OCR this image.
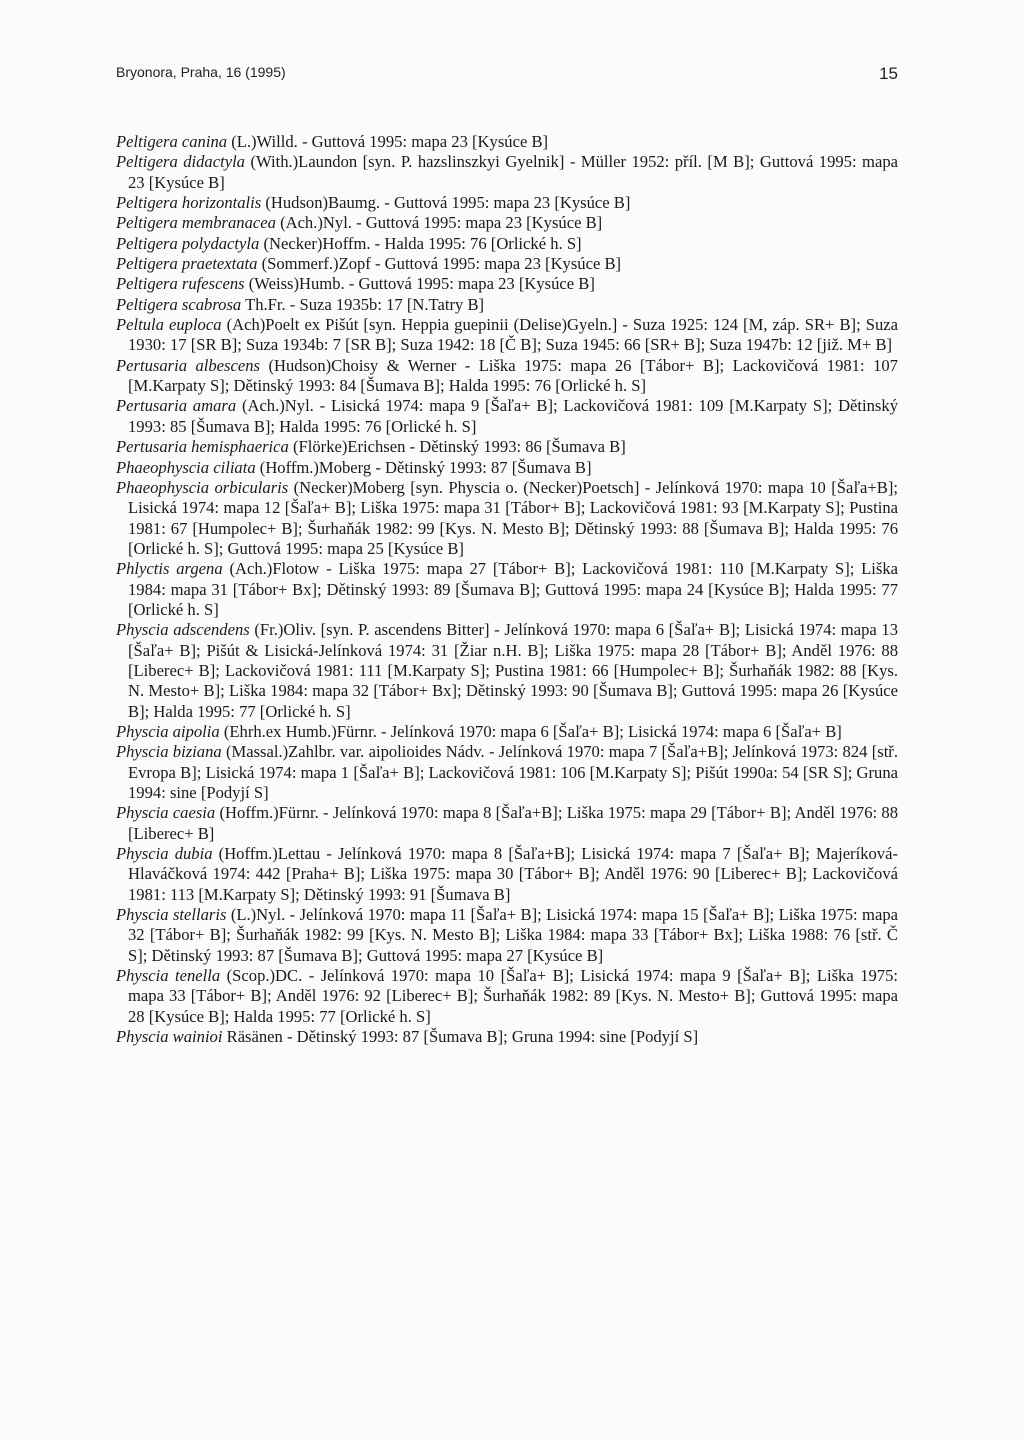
Bryonora, Praha, 16 (1995)	15

Peltigera canina (L.)Willd. - Guttová 1995: mapa 23 [Kysúce B]

Peltigera didactyla (With.)Laundon [syn. P. hazslinszkyi Gyelnik] - Müller 1952: příl. [M B]; Guttová 1995: mapa 23 [Kysúce B]

Peltigera horizontalis (Hudson)Baumg. - Guttová 1995: mapa 23 [Kysúce B]

Peltigera membranacea (Ach.)Nyl. - Guttová 1995: mapa 23 [Kysúce B]

Peltigera polydactyla (Necker)Hoffm. - Halda 1995: 76 [Orlické h. S]

Peltigera praetextata (Sommerf.)Zopf - Guttová 1995: mapa 23 [Kysúce B]

Peltigera rufescens (Weiss)Humb. - Guttová 1995: mapa 23 [Kysúce B]

Peltigera scabrosa Th.Fr. - Suza 1935b: 17 [N.Tatry B]

Peltula euploca (Ach)Poelt ex Pišút [syn. Heppia guepinii (Delise)Gyeln.] - Suza 1925: 124 [M, záp. SR+ B]; Suza 1930: 17 [SR B]; Suza 1934b: 7 [SR B]; Suza 1942: 18 [Č B]; Suza 1945: 66 [SR+ B]; Suza 1947b: 12 [již. M+ B]

Pertusaria albescens (Hudson)Choisy & Werner - Liška 1975: mapa 26 [Tábor+ B]; Lackovičová 1981: 107 [M.Karpaty S]; Dětinský 1993: 84 [Šumava B]; Halda 1995: 76 [Orlické h. S]

Pertusaria amara (Ach.)Nyl. - Lisická 1974: mapa 9 [Šaľa+ B]; Lackovičová 1981: 109 [M.Karpaty S]; Dětinský 1993: 85 [Šumava B]; Halda 1995: 76 [Orlické h. S]

Pertusaria hemisphaerica (Flörke)Erichsen - Dětinský 1993: 86 [Šumava B]

Phaeophyscia ciliata (Hoffm.)Moberg - Dětinský 1993: 87 [Šumava B]

Phaeophyscia orbicularis (Necker)Moberg [syn. Physcia o. (Necker)Poetsch] - Jelínková 1970: mapa 10 [Šaľa+B]; Lisická 1974: mapa 12 [Šaľa+ B]; Liška 1975: mapa 31 [Tábor+ B]; Lackovičová 1981: 93 [M.Karpaty S]; Pustina 1981: 67 [Humpolec+ B]; Šurhaňák 1982: 99 [Kys. N. Mesto B]; Dětinský 1993: 88 [Šumava B]; Halda 1995: 76 [Orlické h. S]; Guttová 1995: mapa 25 [Kysúce B]

Phlyctis argena (Ach.)Flotow - Liška 1975: mapa 27 [Tábor+ B]; Lackovičová 1981: 110 [M.Karpaty S]; Liška 1984: mapa 31 [Tábor+ Bx]; Dětinský 1993: 89 [Šumava B]; Guttová 1995: mapa 24 [Kysúce B]; Halda 1995: 77 [Orlické h. S]

Physcia adscendens (Fr.)Oliv. [syn. P. ascendens Bitter] - Jelínková 1970: mapa 6 [Šaľa+ B]; Lisická 1974: mapa 13 [Šaľa+ B]; Pišút & Lisická-Jelínková 1974: 31 [Žiar n.H. B]; Liška 1975: mapa 28 [Tábor+ B]; Anděl 1976: 88 [Liberec+ B]; Lackovičová 1981: 111 [M.Karpaty S]; Pustina 1981: 66 [Humpolec+ B]; Šurhaňák 1982: 88 [Kys. N. Mesto+ B]; Liška 1984: mapa 32 [Tábor+ Bx]; Dětinský 1993: 90 [Šumava B]; Guttová 1995: mapa 26 [Kysúce B]; Halda 1995: 77 [Orlické h. S]

Physcia aipolia (Ehrh.ex Humb.)Fürnr. - Jelínková 1970: mapa 6 [Šaľa+ B]; Lisická 1974: mapa 6 [Šaľa+ B]

Physcia biziana (Massal.)Zahlbr. var. aipolioides Nádv. - Jelínková 1970: mapa 7 [Šaľa+B]; Jelínková 1973: 824 [stř. Evropa B]; Lisická 1974: mapa 1 [Šaľa+ B]; Lackovičová 1981: 106 [M.Karpaty S]; Pišút 1990a: 54 [SR S]; Gruna 1994: sine [Podyjí S]

Physcia caesia (Hoffm.)Fürnr. - Jelínková 1970: mapa 8 [Šaľa+B]; Liška 1975: mapa 29 [Tábor+ B]; Anděl 1976: 88 [Liberec+ B]

Physcia dubia (Hoffm.)Lettau - Jelínková 1970: mapa 8 [Šaľa+B]; Lisická 1974: mapa 7 [Šaľa+ B]; Majeríková-Hlaváčková 1974: 442 [Praha+ B]; Liška 1975: mapa 30 [Tábor+ B]; Anděl 1976: 90 [Liberec+ B]; Lackovičová 1981: 113 [M.Karpaty S]; Dětinský 1993: 91 [Šumava B]

Physcia stellaris (L.)Nyl. - Jelínková 1970: mapa 11 [Šaľa+ B]; Lisická 1974: mapa 15 [Šaľa+ B]; Liška 1975: mapa 32 [Tábor+ B]; Šurhaňák 1982: 99 [Kys. N. Mesto B]; Liška 1984: mapa 33 [Tábor+ Bx]; Liška 1988: 76 [stř. Č S]; Dětinský 1993: 87 [Šumava B]; Guttová 1995: mapa 27 [Kysúce B]

Physcia tenella (Scop.)DC. - Jelínková 1970: mapa 10 [Šaľa+ B]; Lisická 1974: mapa 9 [Šaľa+ B]; Liška 1975: mapa 33 [Tábor+ B]; Anděl 1976: 92 [Liberec+ B]; Šurhaňák 1982: 89 [Kys. N. Mesto+ B]; Guttová 1995: mapa 28 [Kysúce B]; Halda 1995: 77 [Orlické h. S]

Physcia wainioi Räsänen - Dětinský 1993: 87 [Šumava B]; Gruna 1994: sine [Podyjí S]
